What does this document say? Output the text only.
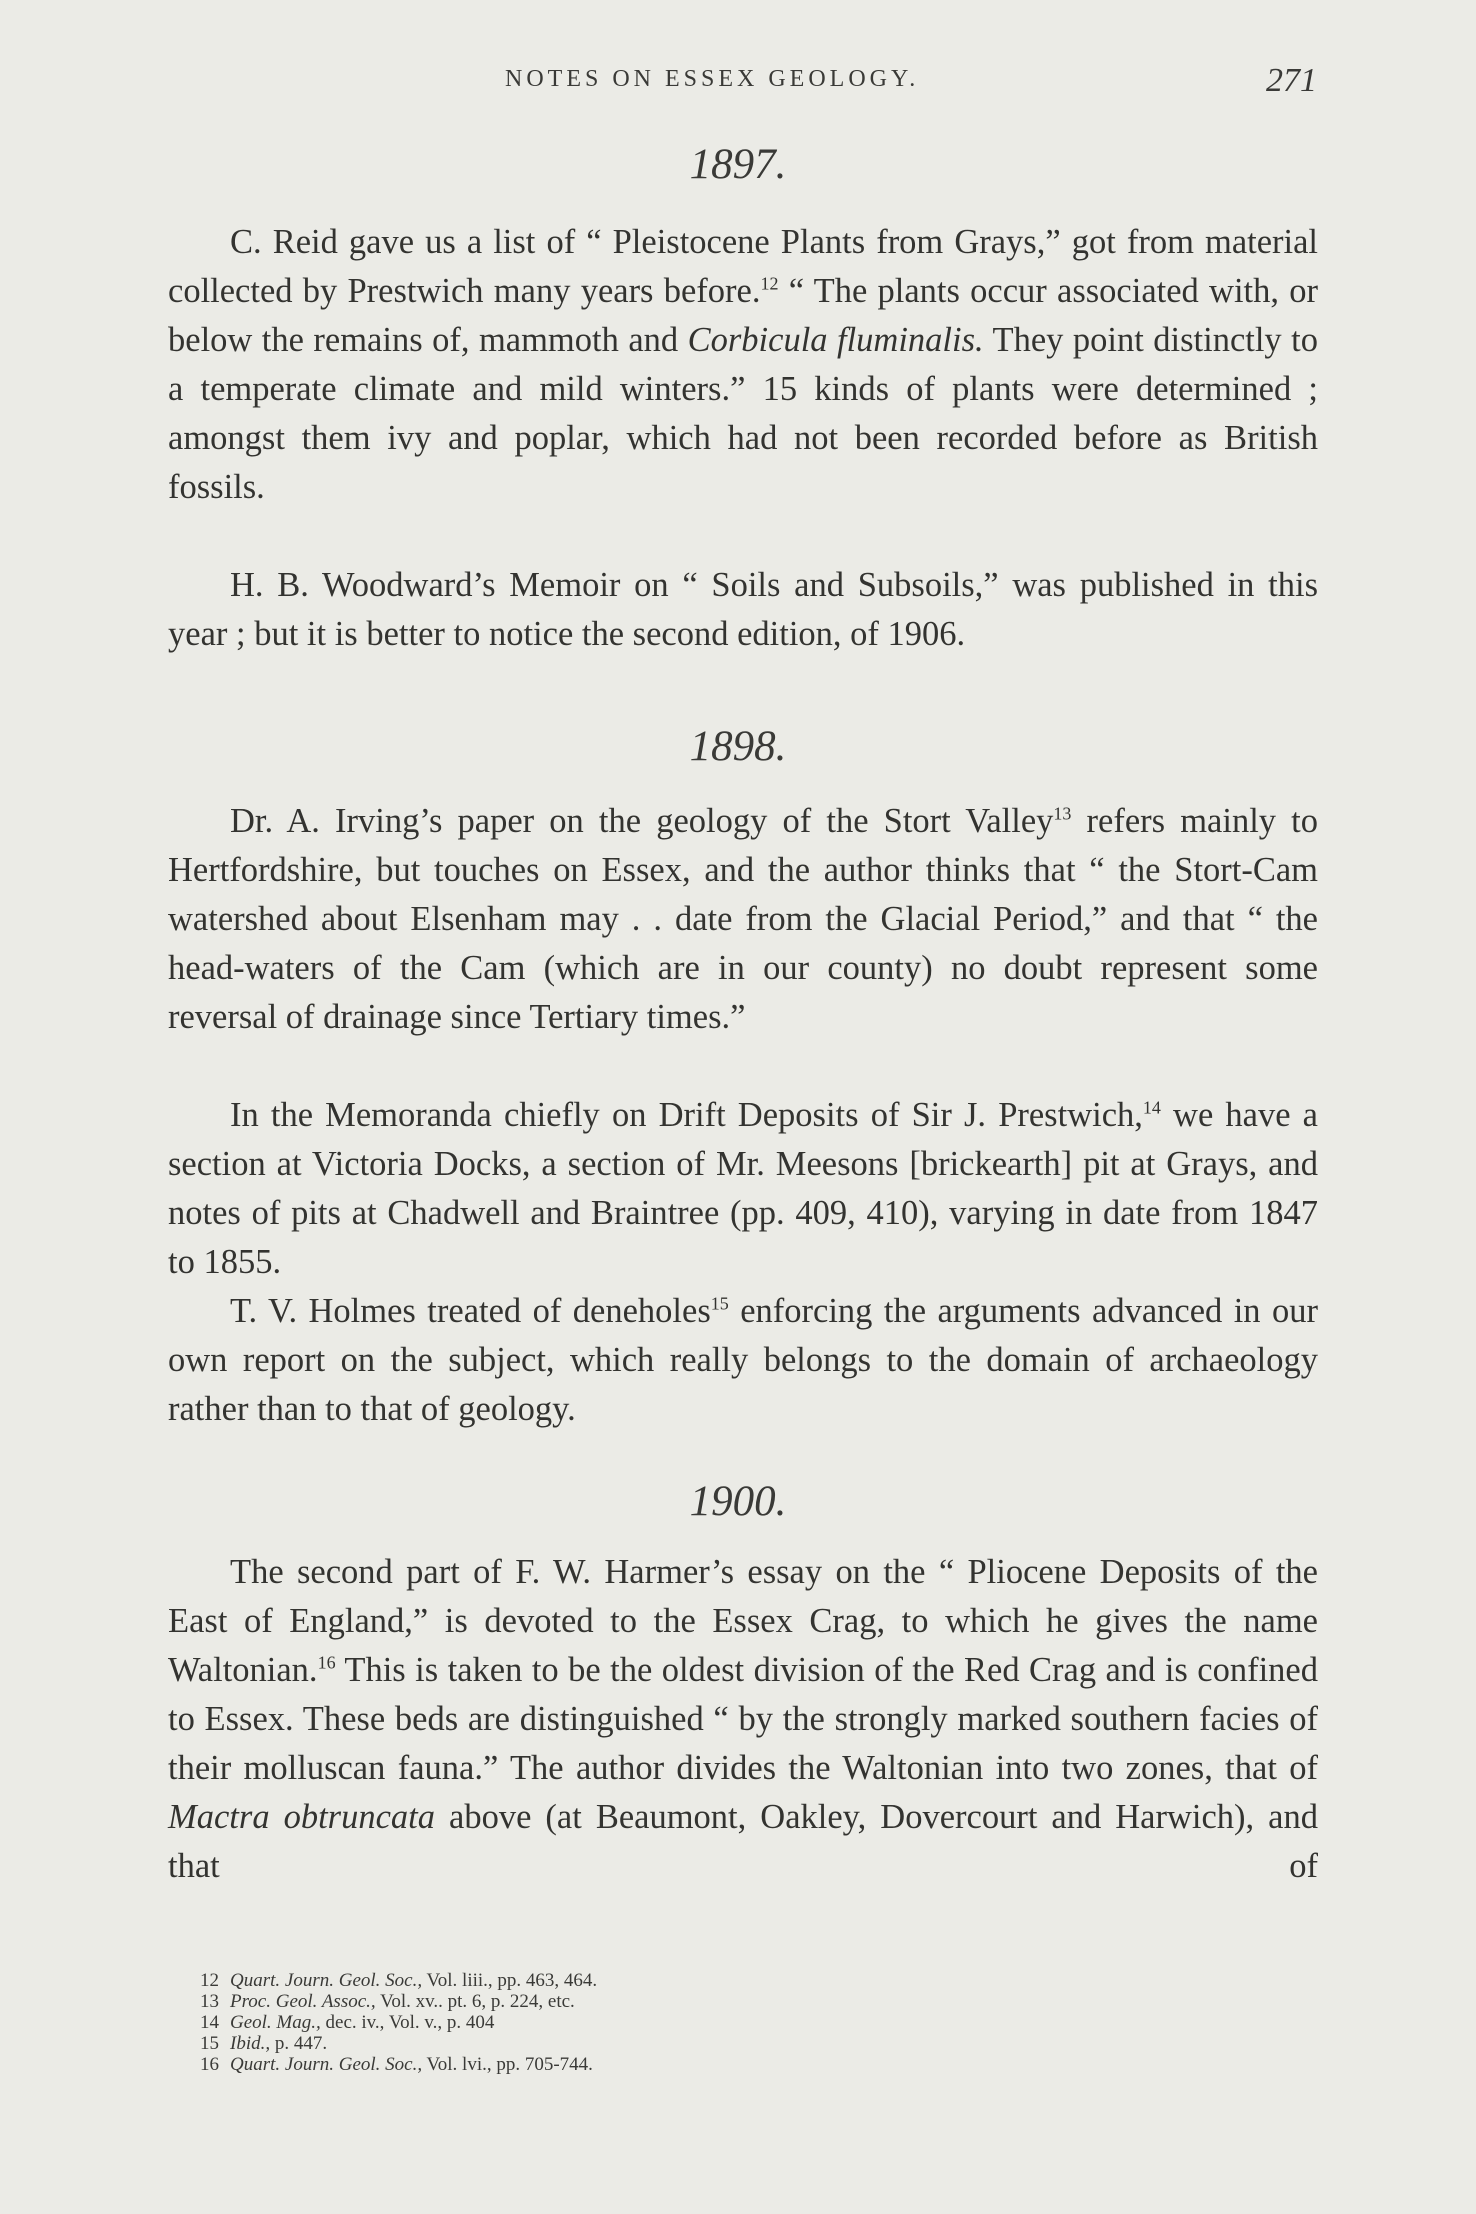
NOTES ON ESSEX GEOLOGY.	271
1897.

C. Reid gave us a list of “ Pleistocene Plants from Grays,” got from material collected by Prestwich many years before.$^{12}$ “ The plants occur associated with, or below the remains of, mammoth and Corbicula fluminalis. They point distinctly to a temperate climate and mild winters.” 15 kinds of plants were determined ; amongst them ivy and poplar, which had not been recorded before as British fossils.

H. B. Woodward’s Memoir on “ Soils and Subsoils,” was published in this year ; but it is better to notice the second edition, of 1906.

1898.

Dr. A. Irving’s paper on the geology of the Stort Valley$^{13}$ refers mainly to Hertfordshire, but touches on Essex, and the author thinks that “ the Stort-Cam watershed about Elsenham may . . date from the Glacial Period,” and that “ the head-waters of the Cam (which are in our county) no doubt represent some reversal of drainage since Tertiary times.”

In the Memoranda chiefly on Drift Deposits of Sir J. Prestwich,$^{14}$ we have a section at Victoria Docks, a section of Mr. Meesons [brickearth] pit at Grays, and notes of pits at Chadwell and Braintree (pp. 409, 410), varying in date from 1847 to 1855.

T. V. Holmes treated of deneholes$^{15}$ enforcing the arguments advanced in our own report on the subject, which really belongs to the domain of archaeology rather than to that of geology.

1900.

The second part of F. W. Harmer’s essay on the “ Pliocene Deposits of the East of England,” is devoted to the Essex Crag, to which he gives the name Waltonian.$^{16}$ This is taken to be the oldest division of the Red Crag and is confined to Essex. These beds are distinguished “ by the strongly marked southern facies of their molluscan fauna.” The author divides the Waltonian into two zones, that of Mactra obtruncata above (at Beaumont, Oakley, Dovercourt and Harwich), and that of

12 Quart. Journ. Geol. Soc., Vol. liii., pp. 463, 464.
13 Proc. Geol. Assoc., Vol. xv.. pt. 6, p. 224, etc.
14 Geol. Mag., dec. iv., Vol. v., p. 404
15 Ibid., p. 447.
16 Quart. Journ. Geol. Soc., Vol. lvi., pp. 705-744.
